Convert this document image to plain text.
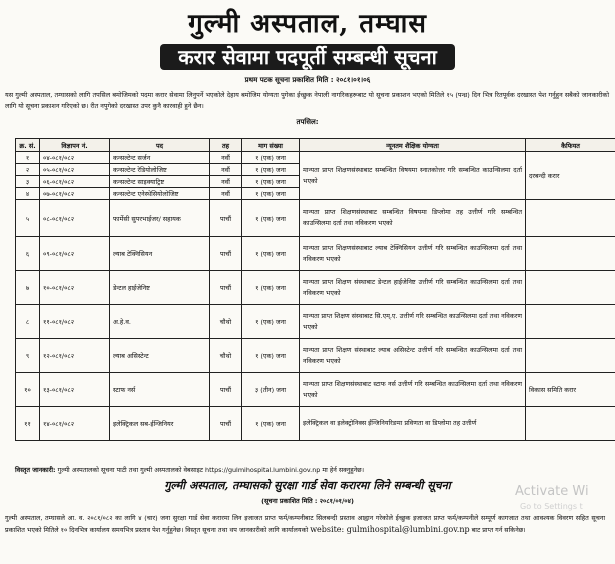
गुल्मी अस्पताल, तम्घास
करार सेवामा पदपूर्ती सम्बन्धी सूचना
प्रथम पटक सूचना प्रकाशित मिति : २०८१।०१।०६
यस गुल्मी अस्पताल, तम्घासको लागि तपसिल बमोजिमको पदमा करार सेवामा लिनुपर्ने भएकोले देहाय बमोजिम योग्यता पुगेका ईच्छुक नेपाली नागरिकहरूबाट यो सूचना प्रकाशन भएको मितिले १५ (पन्ध्र) दिन भित्र रितपूर्वक दरखास्त पेश गर्नुहुन सबैको जानकारीको लागि यो सूचना प्रकाशन गरिएको छ। रीत नपुगेको दरखास्त उपर कुनै कारवाही हुने छैन।
तपसिल:
क्र. सं.	विज्ञापन नं.	पद	तह	माग संख्या	न्यूनतम शैक्षिक योग्यता	कैफियत
१	०४-०८१/०८२	कन्सल्टेन्ट सर्जन	नवौं	१ (एक) जना	मान्यता प्राप्त शिक्षणसंस्थाबाट सम्बन्धित विषयमा स्नातकोत्तर गरि सम्बन्धित काउन्सिलमा दर्ता भएको	दरबन्दी करार
२	०५-०८१/०८२	कन्सल्टेन्ट रेडियोलोजिष्ट	नवौं	१ (एक) जना		
३	०६-०८१/०८२	कन्सल्टेन्ट साइक्याट्रिष्ट	नवौं	१ (एक) जना		
४	०७-०८१/०८२	कन्सल्टेन्ट एनेस्थेसियोलोजिष्ट	नवौं	१ (एक) जना		
५	०८-०८१/०८२	फार्मेसी सुपरभाईजर/ सहायक	पाचौं	१ (एक) जना	मान्यता प्राप्त शिक्षणसंस्थाबाट सम्बन्धित विषयमा डिप्लोमा तह उत्तीर्ण गरि सम्बन्धित काउन्सिलमा दर्ता तथा नविकरण भएको	
६	०९-०८१/०८२	ल्याब टेक्निसियन	पाचौं	१ (एक) जना	मान्यता प्राप्त शिक्षणसंस्थाबाट ल्याब टेक्निसियन उत्तीर्ण गरि सम्बन्धित काउन्सिलमा दर्ता तथा नविकरण भएको	
७	१०-०८१/०८२	डेन्टल हाईजेनिष्ट	पाचौं	१ (एक) जना	मान्यता प्राप्त शिक्षण संस्थाबाट डेन्टल हाईजेनिष्ट उत्तीर्ण गरि सम्बन्धित काउन्सिलमा दर्ता तथा नविकरण भएको	
८	११-०८१/०८२	अ.हे.व.	चौथो	१ (एक) जना	मान्यता प्राप्त शिक्षण संस्थाबाट सि.एम्.ए. उत्तीर्ण गरि सम्बन्धित काउन्सिलमा दर्ता तथा नविकरण भएको	
९	१२-०८१/०८२	ल्याब असिस्टेन्ट	चौथो	१ (एक) जना	मान्यता प्राप्त शिक्षण संस्थाबाट ल्याब असिस्टेन्ट उत्तीर्ण गरि सम्बन्धित काउन्सिलमा दर्ता तथा नविकरण भएको	
१०	१३-०८१/०८२	स्टाफ नर्स	पाचौं	३ (तीन) जना	मान्यता प्राप्त शिक्षणसंस्थाबाट स्टाफ नर्स उत्तीर्ण गरि सम्बन्धित काउन्सिलमा दर्ता तथा नविकरण भएको	विकास समिति करार
११	१४-०८१/०८२	इलेक्ट्रिकल सब-ईन्जिनियर	पाचौं	१ (एक) जना	इलेक्ट्रिकल वा इलेक्ट्रोनिक्स ईन्जिनियरिङमा प्रविणता वा डिप्लोमा तह उत्तीर्ण	
विस्तृत जानकारी: गुल्मी अस्पतालको सूचना पाटी तथा गुल्मी अस्पतालको वेबसाइट https://gulmihospital.lumbini.gov.np मा हेर्न सक्नुहुनेछ।
गुल्मी अस्पताल, तम्घासको सुरक्षा गार्ड सेवा करारमा लिने सम्बन्धी सूचना
(सूचना प्रकाशित मिति : २०८१/०१/०४)
गुल्मी अस्पताल, तम्घासले आ. व. २०८१/०८२ का लागि ४ (चार) जना सुरक्षा गार्ड सेवा करारमा लिन इजाजत प्राप्त फर्म/कम्पनीबाट सिलबन्दी प्रस्ताव आह्वान गरेकोले ईच्छुक इजाजत प्राप्त फर्म/कम्पनीले सम्पूर्ण कागजात तथा आवश्यक विवरण सहित सूचना प्रकाशित भएको मितिले १० दिनभित्र कार्यालय समयभित्र प्रस्ताव पेश गर्नुहुनेछ। विस्तृत सूचना तथा थप जानकारीको लागि कार्यालयको website: gulmihospital@lumbini.gov.np बाट प्राप्त गर्न सकिनेछ।
Activate Wi
Go to Settings t
